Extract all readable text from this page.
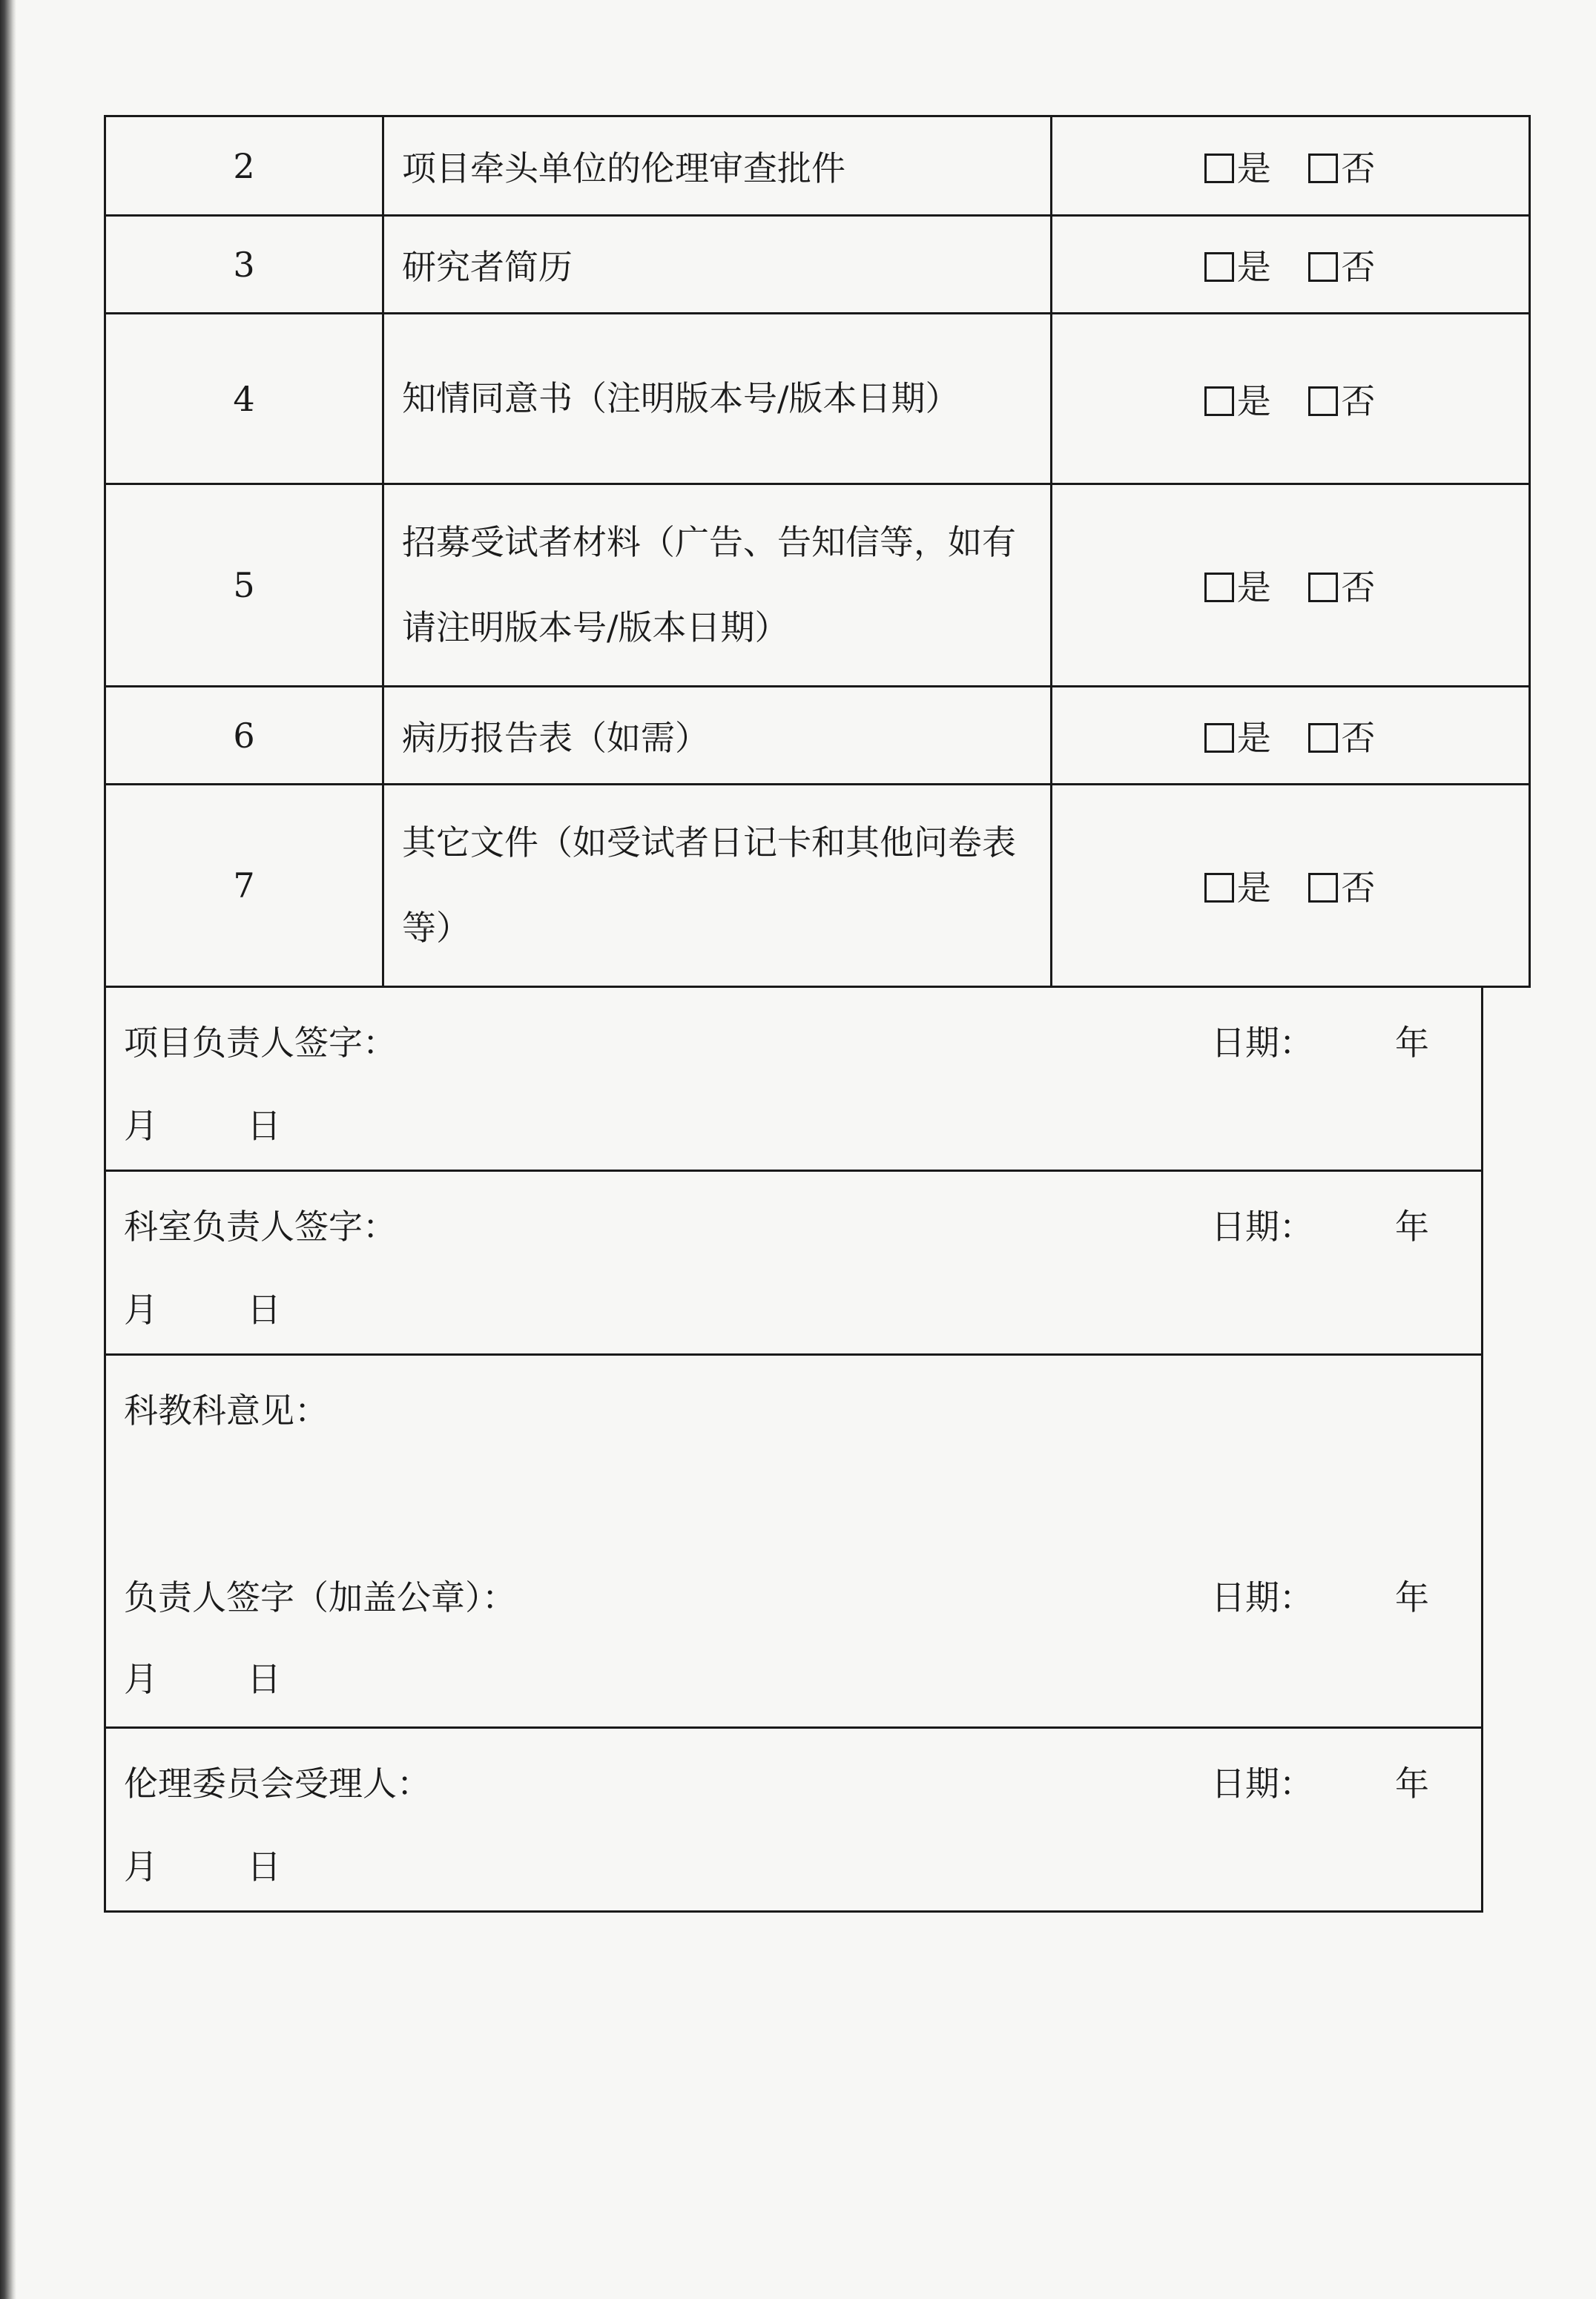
2	项目牵头单位的伦理审查批件	是 否
3	研究者简历	是 否
4	知情同意书（注明版本号/版本日期）	是 否
5	招募受试者材料（广告、告知信等，如有请注明版本号/版本日期）	是 否
6	病历报告表（如需）	是 否
7	其它文件（如受试者日记卡和其他问卷表等）	是 否
项目负责人签字：	日期： 年
月	日
科室负责人签字：	日期： 年
月	日
科教科意见：
负责人签字（加盖公章）：	日期： 年
月	日
伦理委员会受理人：	日期： 年
月	日
